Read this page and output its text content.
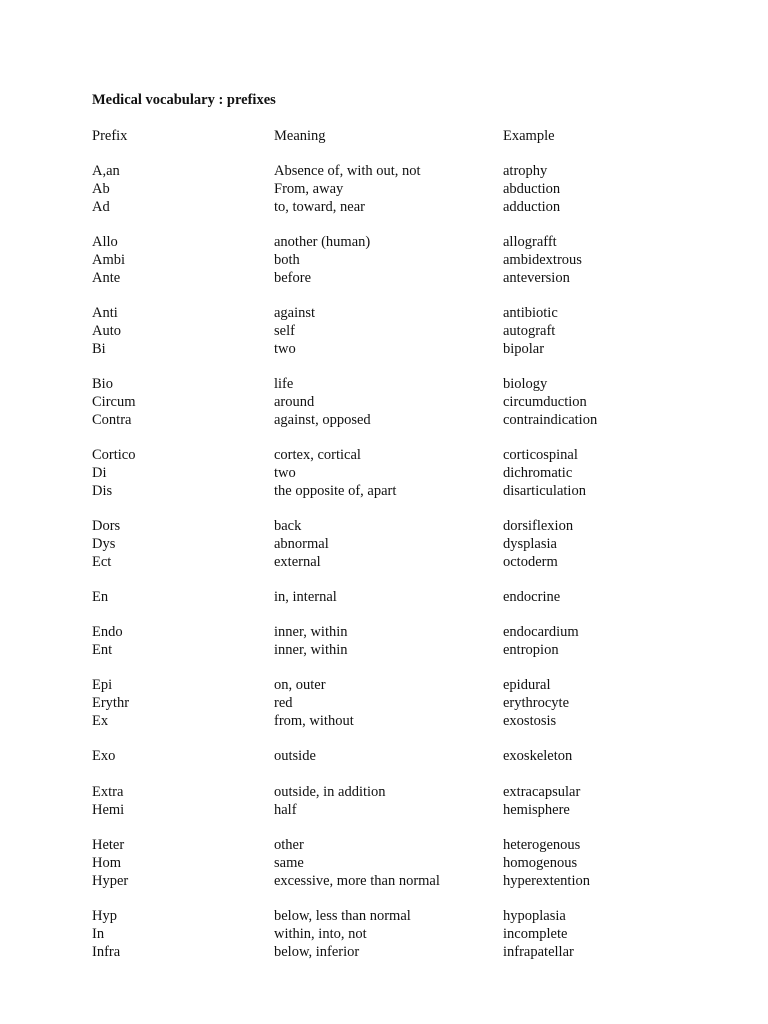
Medical vocabulary : prefixes
Prefix	Meaning	Example
A,an	Absence of, with out, not	atrophy
Ab	From, away	abduction
Ad	to, toward, near	adduction
Allo	another (human)	allografft
Ambi	both	ambidextrous
Ante	before	anteversion
Anti	against	antibiotic
Auto	self	autograft
Bi	two	bipolar
Bio	life	biology
Circum	around	circumduction
Contra	against, opposed	contraindication
Cortico	cortex, cortical	corticospinal
Di	two	dichromatic
Dis	the opposite of, apart	disarticulation
Dors	back	dorsiflexion
Dys	abnormal	dysplasia
Ect	external	octoderm
En	in, internal	endocrine
Endo	inner, within	endocardium
Ent	inner, within	entropion
Epi	on, outer	epidural
Erythr	red	erythrocyte
Ex	from, without	exostosis
Exo	outside	exoskeleton
Extra	outside, in addition	extracapsular
Hemi	half	hemisphere
Heter	other	heterogenous
Hom	same	homogenous
Hyper	excessive, more than normal	hyperextention
Hyp	below, less than normal	hypoplasia
In	within, into, not	incomplete
Infra	below, inferior	infrapatellar
